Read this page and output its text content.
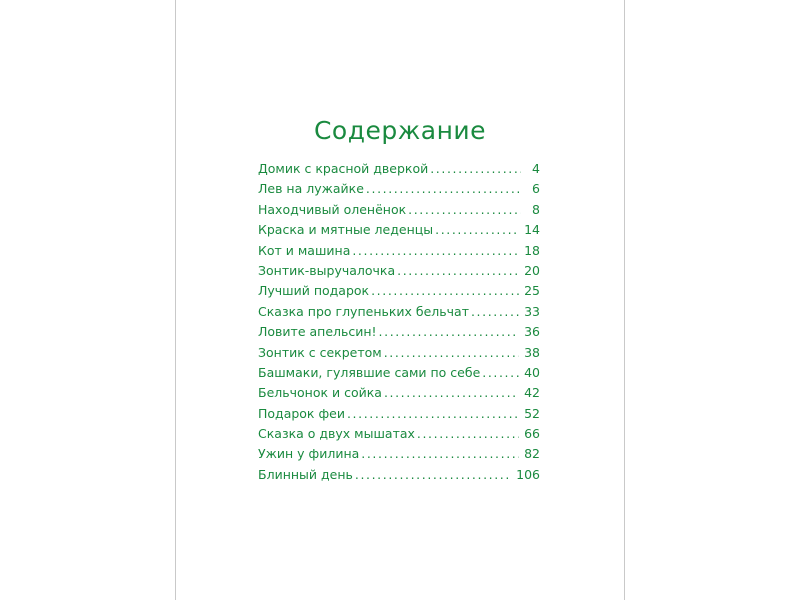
Содержание
Домик с красной дверкой .....	4
Лев на лужайке .....	6
Находчивый оленёнок .....	8
Краска и мятные леденцы .....	14
Кот и машина .....	18
Зонтик-выручалочка .....	20
Лучший подарок .....	25
Сказка про глупеньких бельчат .....	33
Ловите апельсин! .....	36
Зонтик с секретом .....	38
Башмаки, гулявшие сами по себе .....	40
Бельчонок и сойка .....	42
Подарок феи .....	52
Сказка о двух мышатах .....	66
Ужин у филина .....	82
Блинный день .....	106
